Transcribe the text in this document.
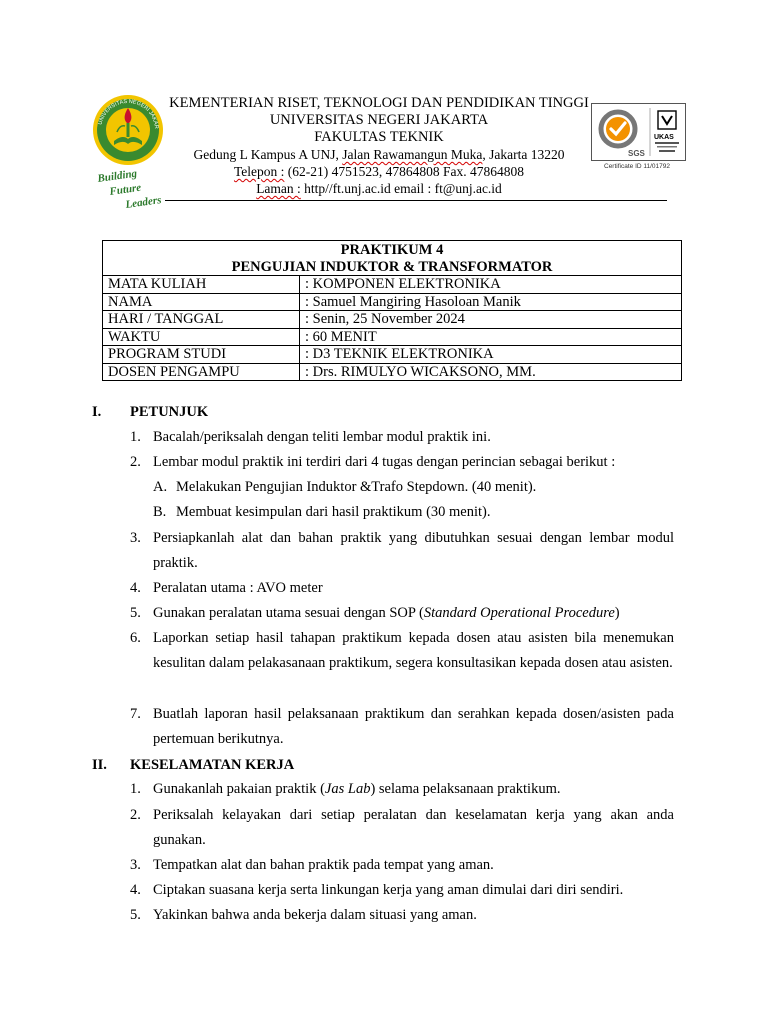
UNIVERSITAS NEGERI JAKAR
Building
Future
Leaders
KEMENTERIAN RISET, TEKNOLOGI DAN PENDIDIKAN TINGGI
UNIVERSITAS NEGERI JAKARTA
FAKULTAS TEKNIK
Gedung L Kampus A UNJ, Jalan Rawamangun Muka, Jakarta 13220
Telepon : (62-21) 4751523, 47864808 Fax. 47864808
Laman : http//ft.unj.ac.id email : ft@unj.ac.id
SGS
UKAS
Certificate ID 11/01792
PRAKTIKUM 4
PENGUJIAN INDUKTOR & TRANSFORMATOR	

MATA KULIAH	: KOMPONEN ELEKTRONIKA
NAMA	: Samuel Mangiring Hasoloan Manik
HARI / TANGGAL	: Senin, 25 November 2024
WAKTU	: 60 MENIT
PROGRAM STUDI	: D3 TEKNIK ELEKTRONIKA
DOSEN PENGAMPU	: Drs. RIMULYO WICAKSONO, MM.
I. PETUNJUK
1. Bacalah/periksalah dengan teliti lembar modul praktik ini.
2. Lembar modul praktik ini terdiri dari 4 tugas dengan perincian sebagai berikut :
A. Melakukan Pengujian Induktor &Trafo Stepdown. (40 menit).
B. Membuat kesimpulan dari hasil praktikum (30 menit).
3. Persiapkanlah alat dan bahan praktik yang dibutuhkan sesuai dengan lembar modul praktik.
4. Peralatan utama : AVO meter
5. Gunakan peralatan utama sesuai dengan SOP (Standard Operational Procedure)
6. Laporkan setiap hasil tahapan praktikum kepada dosen atau asisten bila menemukan kesulitan dalam pelakasanaan praktikum, segera konsultasikan kepada dosen atau asisten.
7. Buatlah laporan hasil pelaksanaan praktikum dan serahkan kepada dosen/asisten pada pertemuan berikutnya.
II. KESELAMATAN KERJA
1. Gunakanlah pakaian praktik (Jas Lab) selama pelaksanaan praktikum.
2. Periksalah kelayakan dari setiap peralatan dan keselamatan kerja yang akan anda gunakan.
3. Tempatkan alat dan bahan praktik pada tempat yang aman.
4. Ciptakan suasana kerja serta linkungan kerja yang aman dimulai dari diri sendiri.
5. Yakinkan bahwa anda bekerja dalam situasi yang aman.
